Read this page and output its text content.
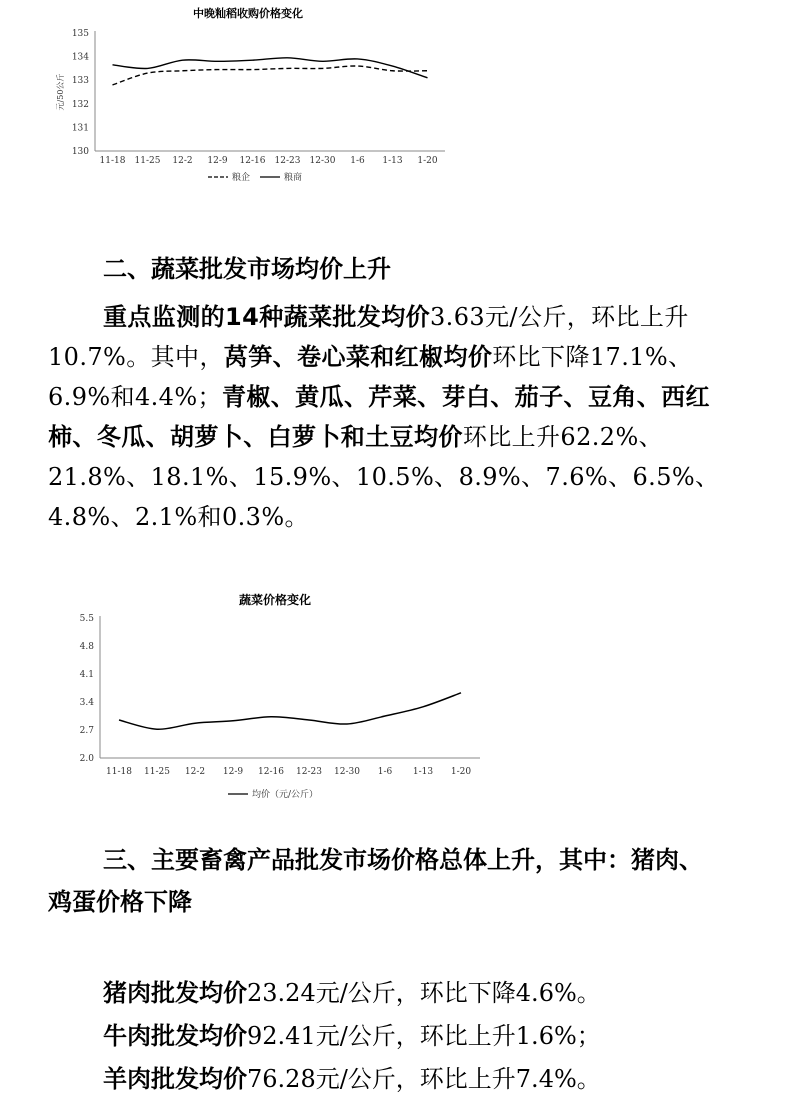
中晚籼稻收购价格变化
130
131
132
133
134
135
11-18 11-25 12-2 12-9 12-16 12-23 12-30 1-6 1-13 1-20
元/50公斤
粮企	粮商
二、蔬菜批发市场均价上升
重点监测的14种蔬菜批发均价3.63元/公斤，环比上升10.7%。其中，莴笋、卷心菜和红椒均价环比下降17.1%、6.9%和4.4%；青椒、黄瓜、芹菜、芽白、茄子、豆角、西红柿、冬瓜、胡萝卜、白萝卜和土豆均价环比上升62.2%、21.8%、18.1%、15.9%、10.5%、8.9%、7.6%、6.5%、4.8%、2.1%和0.3%。
蔬菜价格变化
2.0
2.7
3.4
4.1
4.8
5.5
11-18 11-25 12-2 12-9 12-16 12-23 12-30 1-6 1-13 1-20
均价（元/公斤）
三、主要畜禽产品批发市场价格总体上升，其中：猪肉、
鸡蛋价格下降
猪肉批发均价23.24元/公斤，环比下降4.6%。
牛肉批发均价92.41元/公斤，环比上升1.6%；
羊肉批发均价76.28元/公斤，环比上升7.4%。
